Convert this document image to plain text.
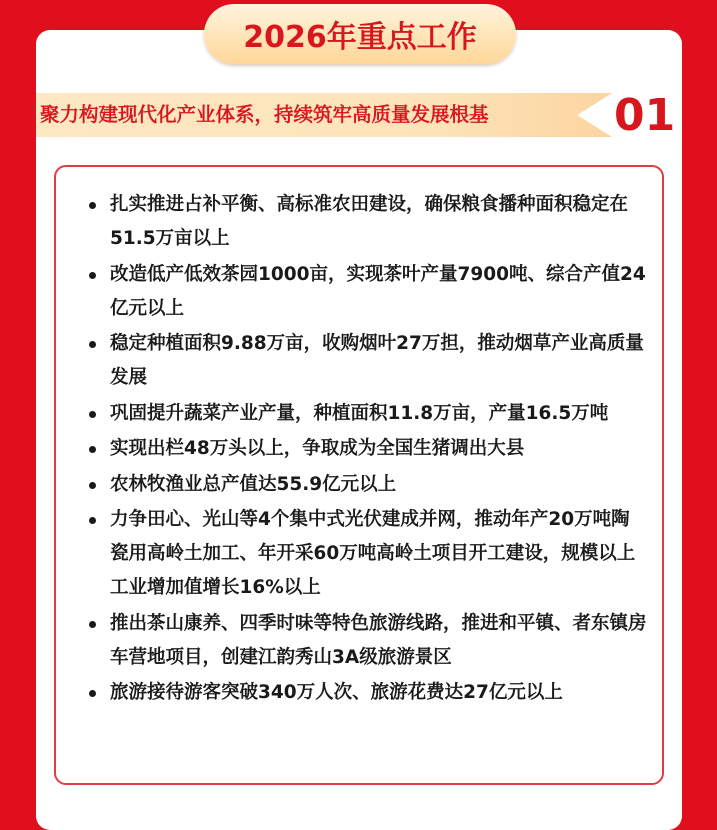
2026年重点工作
聚力构建现代化产业体系，持续筑牢高质量发展根基	01
扎实推进占补平衡、高标准农田建设，确保粮食播种面积稳定在51.5万亩以上
改造低产低效茶园1000亩，实现茶叶产量7900吨、综合产值24亿元以上
稳定种植面积9.88万亩，收购烟叶27万担，推动烟草产业高质量发展
巩固提升蔬菜产业产量，种植面积11.8万亩，产量16.5万吨
实现出栏48万头以上，争取成为全国生猪调出大县
农林牧渔业总产值达55.9亿元以上
力争田心、光山等4个集中式光伏建成并网，推动年产20万吨陶瓷用高岭土加工、年开采60万吨高岭土项目开工建设，规模以上工业增加值增长16%以上
推出茶山康养、四季时味等特色旅游线路，推进和平镇、者东镇房车营地项目，创建江韵秀山3A级旅游景区
旅游接待游客突破340万人次、旅游花费达27亿元以上
